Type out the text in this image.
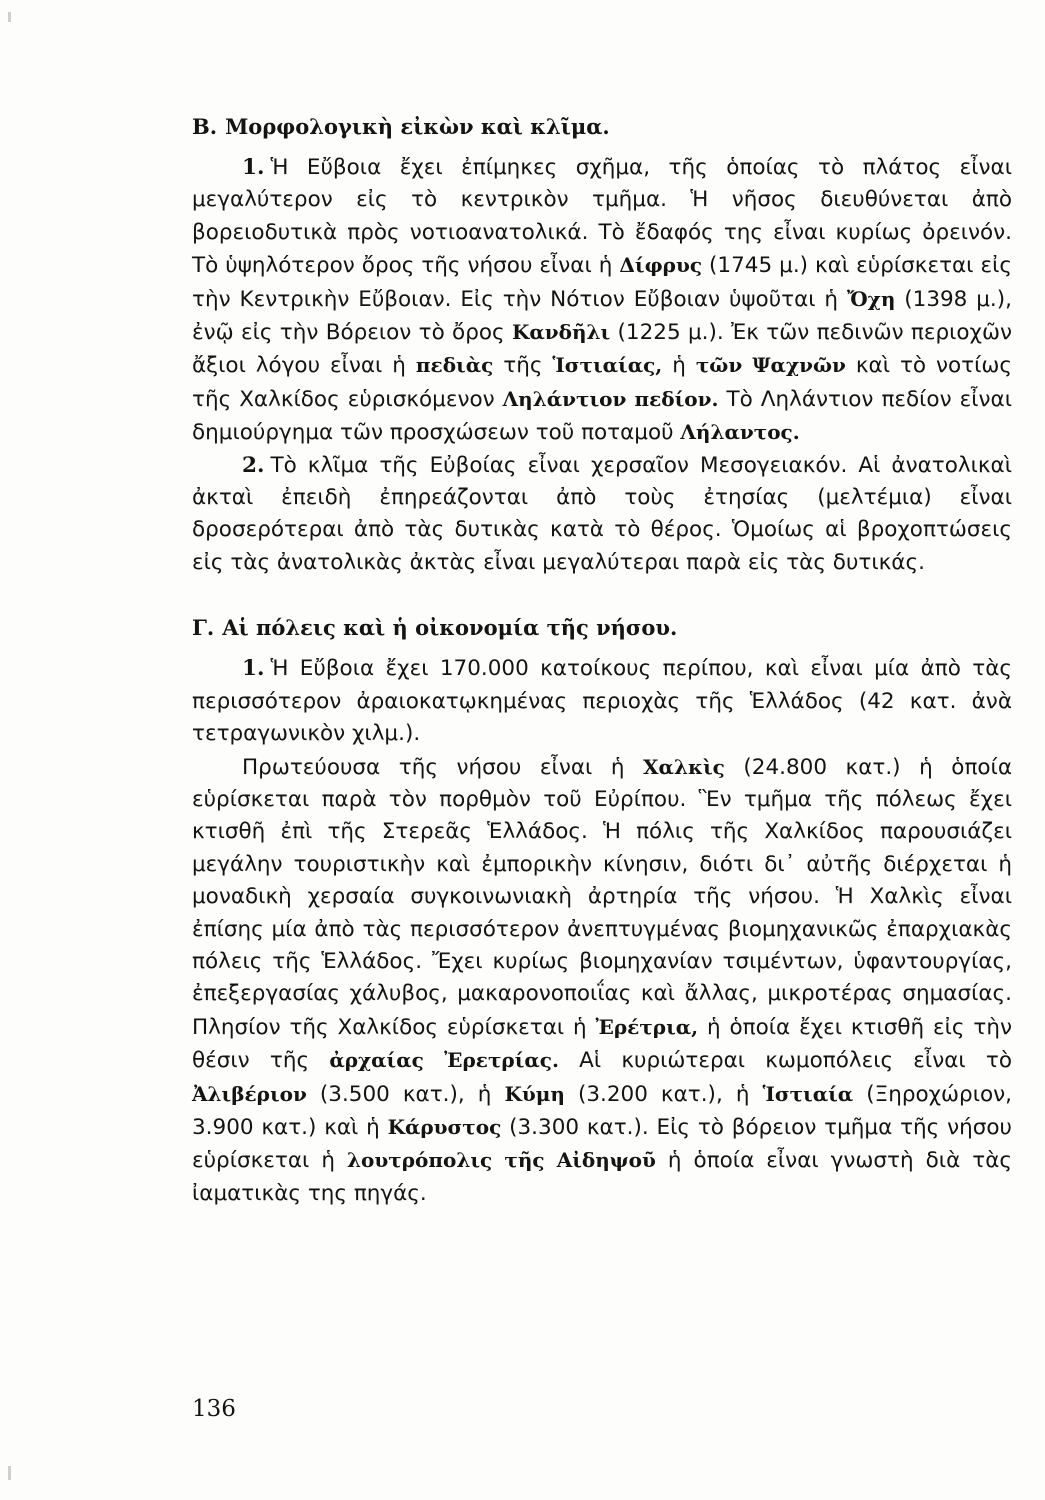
Β. Μορφολογικὴ εἰκὼν καὶ κλῖμα.

1. Ἡ Εὔβοια ἔχει ἐπίμηκες σχῆμα, τῆς ὁποίας τὸ πλάτος εἶναι μεγαλύτερον εἰς τὸ κεντρικὸν τμῆμα. Ἡ νῆσος διευθύνεται ἀπὸ βορειοδυτικὰ πρὸς νοτιοανατολικά. Τὸ ἔδαφός της εἶναι κυρίως ὀρεινόν. Τὸ ὑψηλότερον ὄρος τῆς νήσου εἶναι ἡ Δίφρυς (1745 μ.) καὶ εὑρίσκεται εἰς τὴν Κεντρικὴν Εὔβοιαν. Εἰς τὴν Νότιον Εὔβοιαν ὑψοῦται ἡ Ὄχη (1398 μ.), ἐνῷ εἰς τὴν Βόρειον τὸ ὄρος Κανδῆλι (1225 μ.). Ἐκ τῶν πεδινῶν περιοχῶν ἄξιοι λόγου εἶναι ἡ πεδιὰς τῆς Ἱστιαίας, ἡ τῶν Ψαχνῶν καὶ τὸ νοτίως τῆς Χαλκίδος εὑρισκόμενον Ληλάντιον πεδίον. Τὸ Ληλάντιον πεδίον εἶναι δημιούργημα τῶν προσχώσεων τοῦ ποταμοῦ Λήλαντος.

2. Τὸ κλῖμα τῆς Εὐβοίας εἶναι χερσαῖον Μεσογειακόν. Αἱ ἀνατολικαὶ ἀκταὶ ἐπειδὴ ἐπηρεάζονται ἀπὸ τοὺς ἐτησίας (μελτέμια) εἶναι δροσερότεραι ἀπὸ τὰς δυτικὰς κατὰ τὸ θέρος. Ὁμοίως αἱ βροχοπτώσεις εἰς τὰς ἀνατολικὰς ἀκτὰς εἶναι μεγαλύτεραι παρὰ εἰς τὰς δυτικάς.

Γ. Αἱ πόλεις καὶ ἡ οἰκονομία τῆς νήσου.

1. Ἡ Εὔβοια ἔχει 170.000 κατοίκους περίπου, καὶ εἶναι μία ἀπὸ τὰς περισσότερον ἀραιοκατῳκημένας περιοχὰς τῆς Ἑλλάδος (42 κατ. ἀνὰ τετραγωνικὸν χιλμ.).

Πρωτεύουσα τῆς νήσου εἶναι ἡ Χαλκὶς (24.800 κατ.) ἡ ὁποία εὑρίσκεται παρὰ τὸν πορθμὸν τοῦ Εὐρίπου. Ἓν τμῆμα τῆς πόλεως ἔχει κτισθῆ ἐπὶ τῆς Στερεᾶς Ἑλλάδος. Ἡ πόλις τῆς Χαλκίδος παρουσιάζει μεγάλην τουριστικὴν καὶ ἐμπορικὴν κίνησιν, διότι δι᾽ αὐτῆς διέρχεται ἡ μοναδικὴ χερσαία συγκοινωνιακὴ ἀρτηρία τῆς νήσου. Ἡ Χαλκὶς εἶναι ἐπίσης μία ἀπὸ τὰς περισσότερον ἀνεπτυγμένας βιομηχανικῶς ἐπαρχιακὰς πόλεις τῆς Ἑλλάδος. Ἔχει κυρίως βιομηχανίαν τσιμέντων, ὑφαντουργίας, ἐπεξεργασίας χάλυβος, μακαρονοποιΐας καὶ ἄλλας, μικροτέρας σημασίας. Πλησίον τῆς Χαλκίδος εὑρίσκεται ἡ Ἐρέτρια, ἡ ὁποία ἔχει κτισθῆ εἰς τὴν θέσιν τῆς ἀρχαίας Ἐρετρίας. Αἱ κυριώτεραι κωμοπόλεις εἶναι τὸ Ἀλιβέριον (3.500 κατ.), ἡ Κύμη (3.200 κατ.), ἡ Ἱστιαία (Ξηροχώριον, 3.900 κατ.) καὶ ἡ Κάρυστος (3.300 κατ.). Εἰς τὸ βόρειον τμῆμα τῆς νήσου εὑρίσκεται ἡ λουτρόπολις τῆς Αἰδηψοῦ ἡ ὁποία εἶναι γνωστὴ διὰ τὰς ἰαματικὰς της πηγάς.

136
